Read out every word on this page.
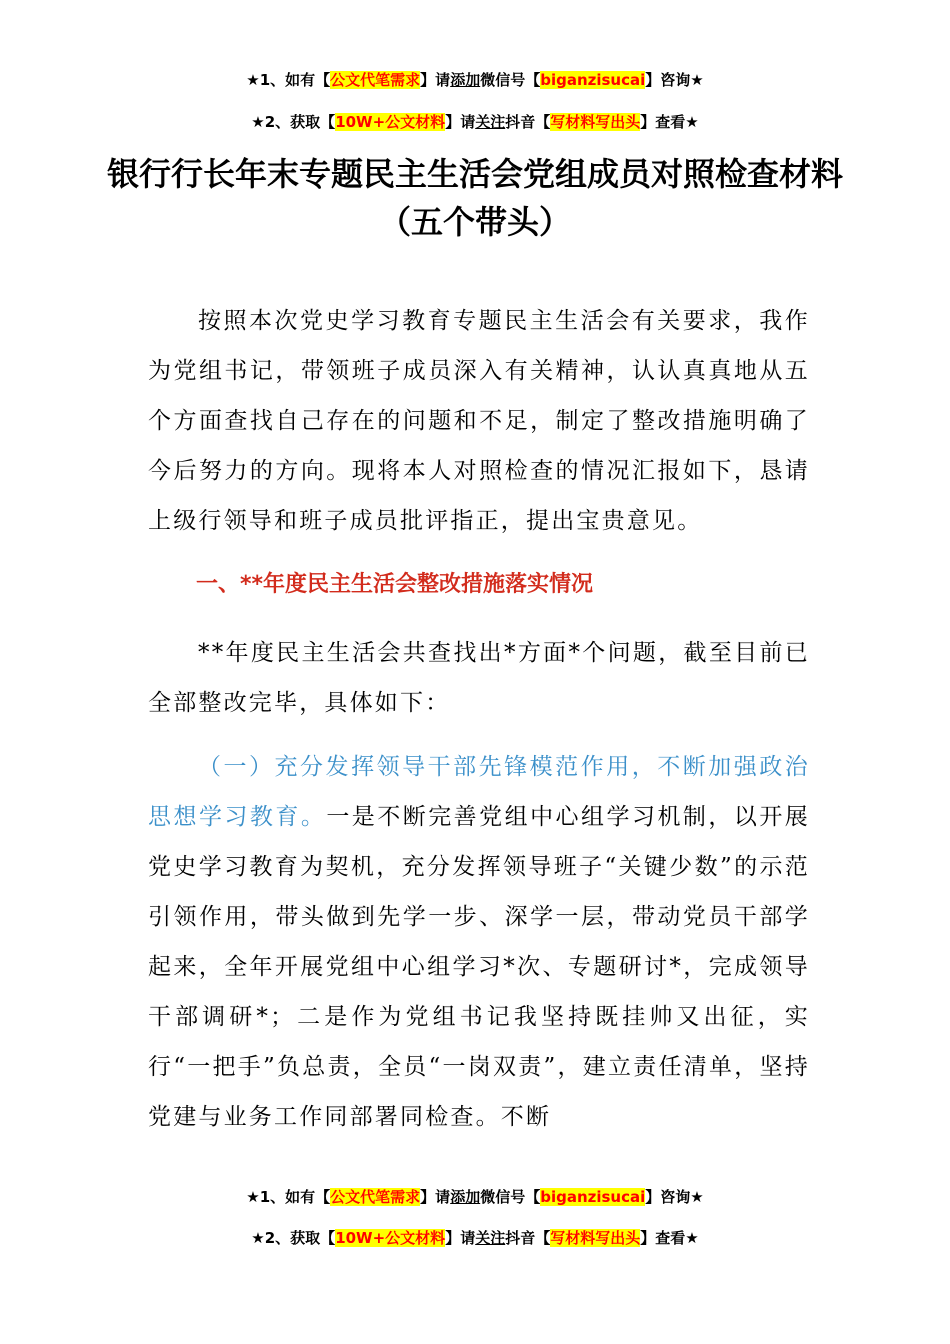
★1、如有【公文代笔需求】请添加微信号【biganzisucai】咨询★
★2、获取【10W+公文材料】请关注抖音【写材料写出头】查看★
银行行长年末专题民主生活会党组成员对照检查材料（五个带头）
按照本次党史学习教育专题民主生活会有关要求，我作为党组书记，带领班子成员深入有关精神，认认真真地从五个方面查找自己存在的问题和不足，制定了整改措施明确了今后努力的方向。现将本人对照检查的情况汇报如下，恳请上级行领导和班子成员批评指正，提出宝贵意见。
一、**年度民主生活会整改措施落实情况
**年度民主生活会共查找出*方面*个问题，截至目前已全部整改完毕，具体如下：
（一）充分发挥领导干部先锋模范作用，不断加强政治思想学习教育。一是不断完善党组中心组学习机制，以开展党史学习教育为契机，充分发挥领导班子“关键少数”的示范引领作用，带头做到先学一步、深学一层，带动党员干部学起来，全年开展党组中心组学习*次、专题研讨*，完成领导干部调研*；二是作为党组书记我坚持既挂帅又出征，实行“一把手”负总责，全员“一岗双责”，建立责任清单，坚持党建与业务工作同部署同检查。不断
★1、如有【公文代笔需求】请添加微信号【biganzisucai】咨询★
★2、获取【10W+公文材料】请关注抖音【写材料写出头】查看★
